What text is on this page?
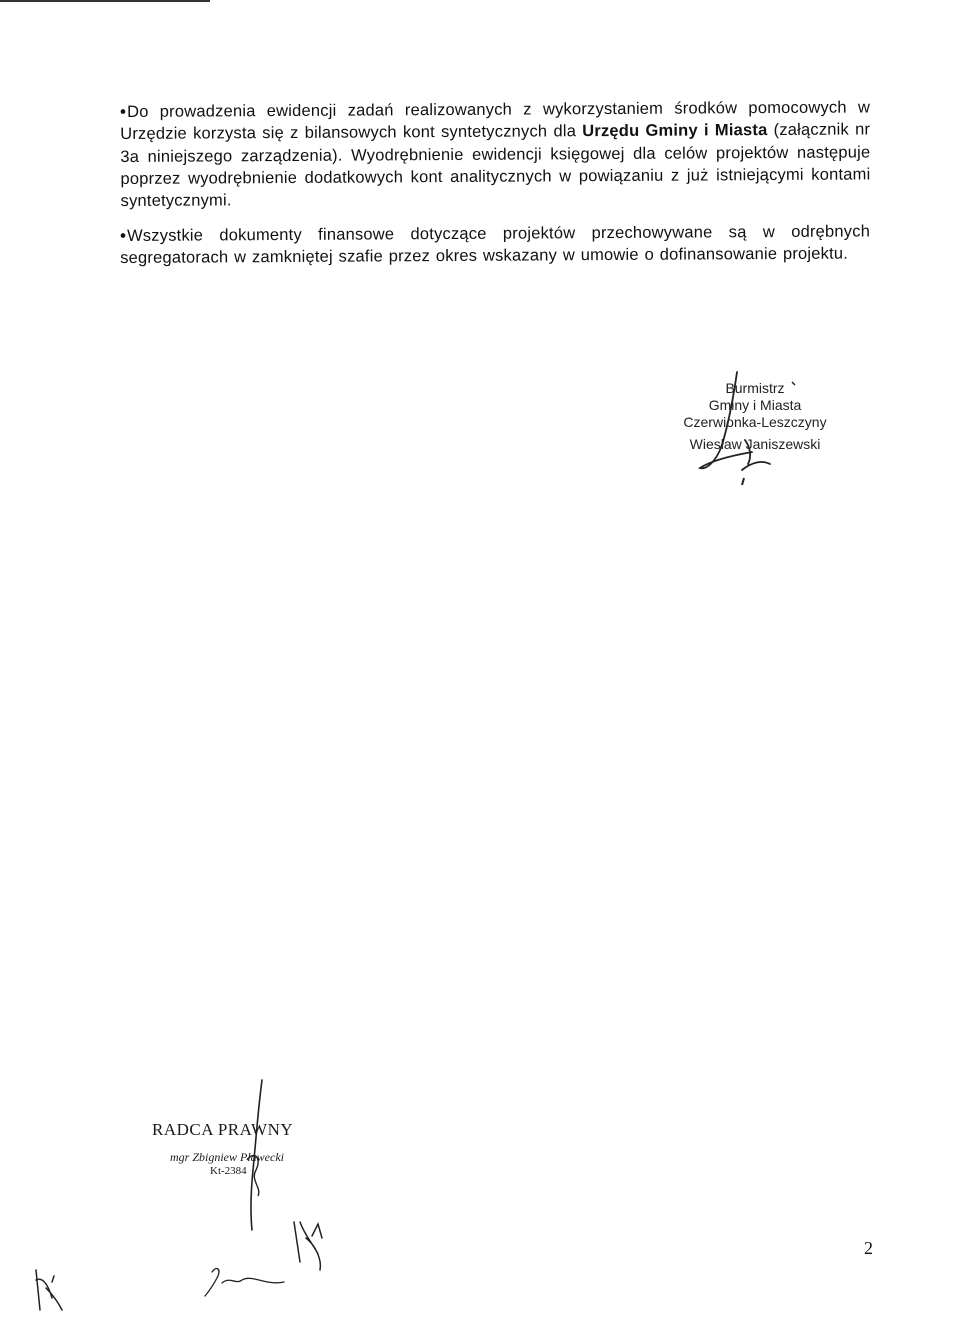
•Do prowadzenia ewidencji zadań realizowanych z wykorzystaniem środków pomocowych w Urzędzie korzysta się z bilansowych kont syntetycznych dla Urzędu Gminy i Miasta (załącznik nr 3a niniejszego zarządzenia). Wyodrębnienie ewidencji księgowej dla celów projektów następuje poprzez wyodrębnienie dodatkowych kont analitycznych w powiązaniu z już istniejącymi kontami syntetycznymi.

•Wszystkie dokumenty finansowe dotyczące projektów przechowywane są w odrębnych segregatorach w zamkniętej szafie przez okres wskazany w umowie o dofinansowanie projektu.

Burmistrz
Gminy i Miasta
Czerwionka-Leszczyny
Wiesław Janiszewski
RADCA PRAWNY
mgr Zbigniew Pławecki
Kt-2384
2
